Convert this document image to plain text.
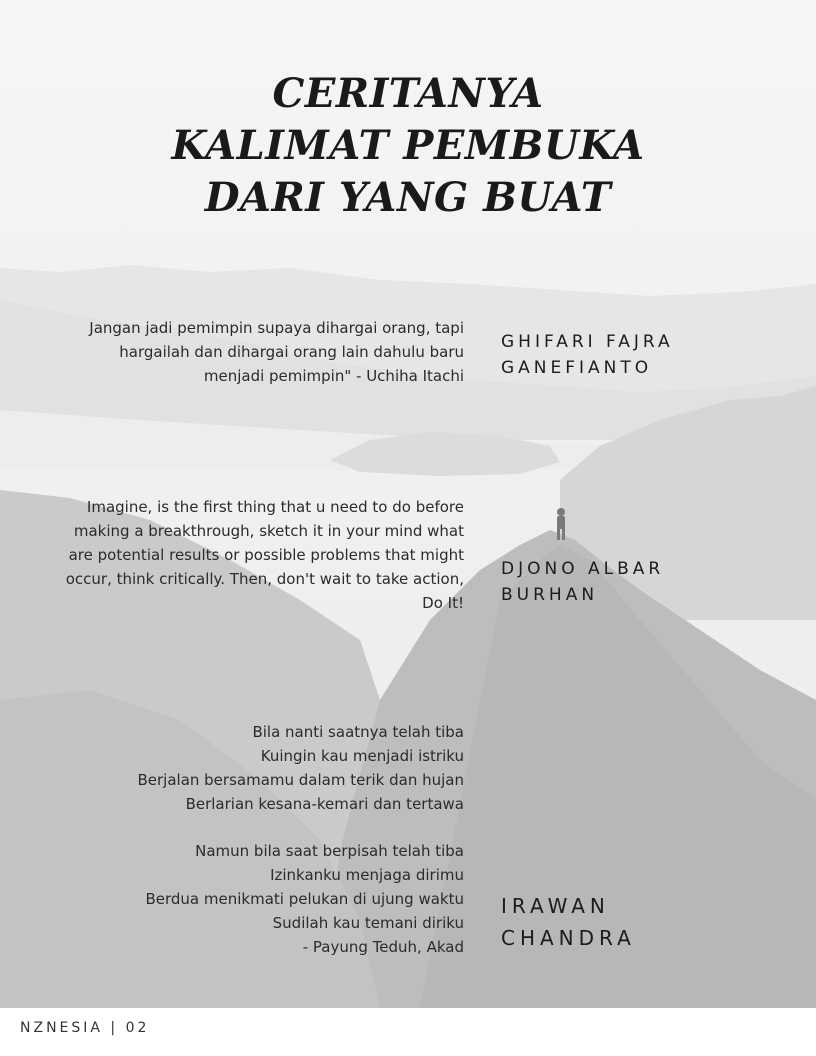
CERITANYA
KALIMAT PEMBUKA
DARI YANG BUAT
Jangan jadi pemimpin supaya dihargai orang, tapi
hargailah dan dihargai orang lain dahulu baru
menjadi pemimpin" - Uchiha Itachi
GHIFARI FAJRA
GANEFIANTO
Imagine, is the first thing that u need to do before
making a breakthrough, sketch it in your mind what
are potential results or possible problems that might
occur, think critically. Then, don't wait to take action,
Do It!
DJONO ALBAR
BURHAN
Bila nanti saatnya telah tiba
Kuingin kau menjadi istriku
Berjalan bersamamu dalam terik dan hujan
Berlarian kesana-kemari dan tertawa
Namun bila saat berpisah telah tiba
Izinkanku menjaga dirimu
Berdua menikmati pelukan di ujung waktu
Sudilah kau temani diriku
- Payung Teduh, Akad
IRAWAN
CHANDRA
NZNESIA | 02
